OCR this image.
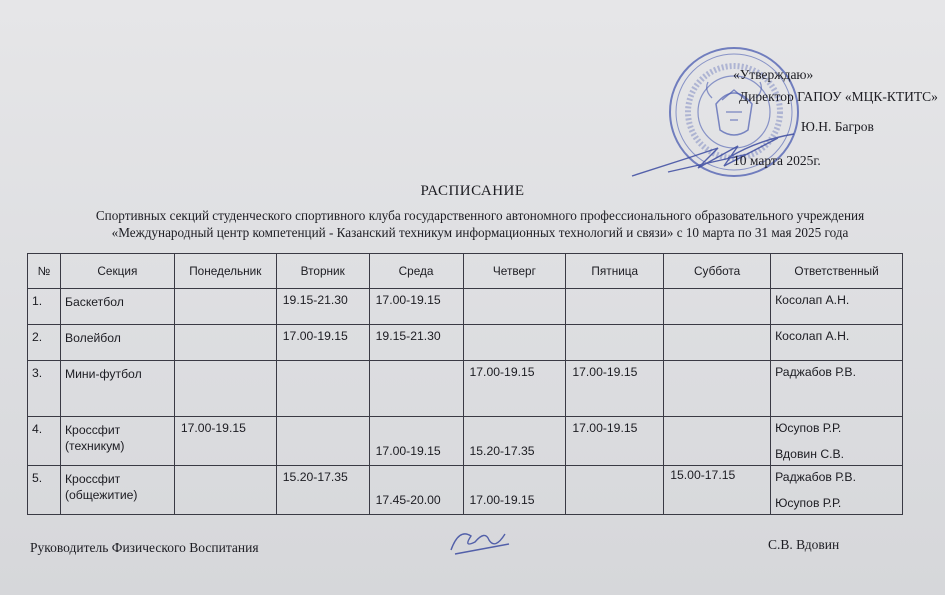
«Утверждаю»
Директор ГАПОУ «МЦК-КТИТС»
Ю.Н. Багров
10 марта 2025г.
РАСПИСАНИЕ
Спортивных секций студенческого спортивного клуба государственного автономного профессионального образовательного учреждения
«Международный центр компетенций - Казанский техникум информационных технологий и связи» с 10 марта по 31 мая 2025 года
№	Секция	Понедельник	Вторник	Среда	Четверг	Пятница	Суббота	Ответственный
1.	Баскетбол		19.15-21.30	17.00-19.15				Косолап А.Н.

2.	Волейбол		17.00-19.15	19.15-21.30				Косолап А.Н.

3.	Мини-футбол				17.00-19.15	17.00-19.15		Раджабов Р.В.

4.	Кроссфит (техникум)	17.00-19.15		17.00-19.15	15.20-17.35	17.00-19.15		Юсупов Р.Р.
Вдовин С.В.

5.	Кроссфит (общежитие)		15.20-17.35	17.45-20.00	17.00-19.15		15.00-17.15	Раджабов Р.В.
Юсупов Р.Р.
Руководитель Физического Воспитания	С.В. Вдовин
